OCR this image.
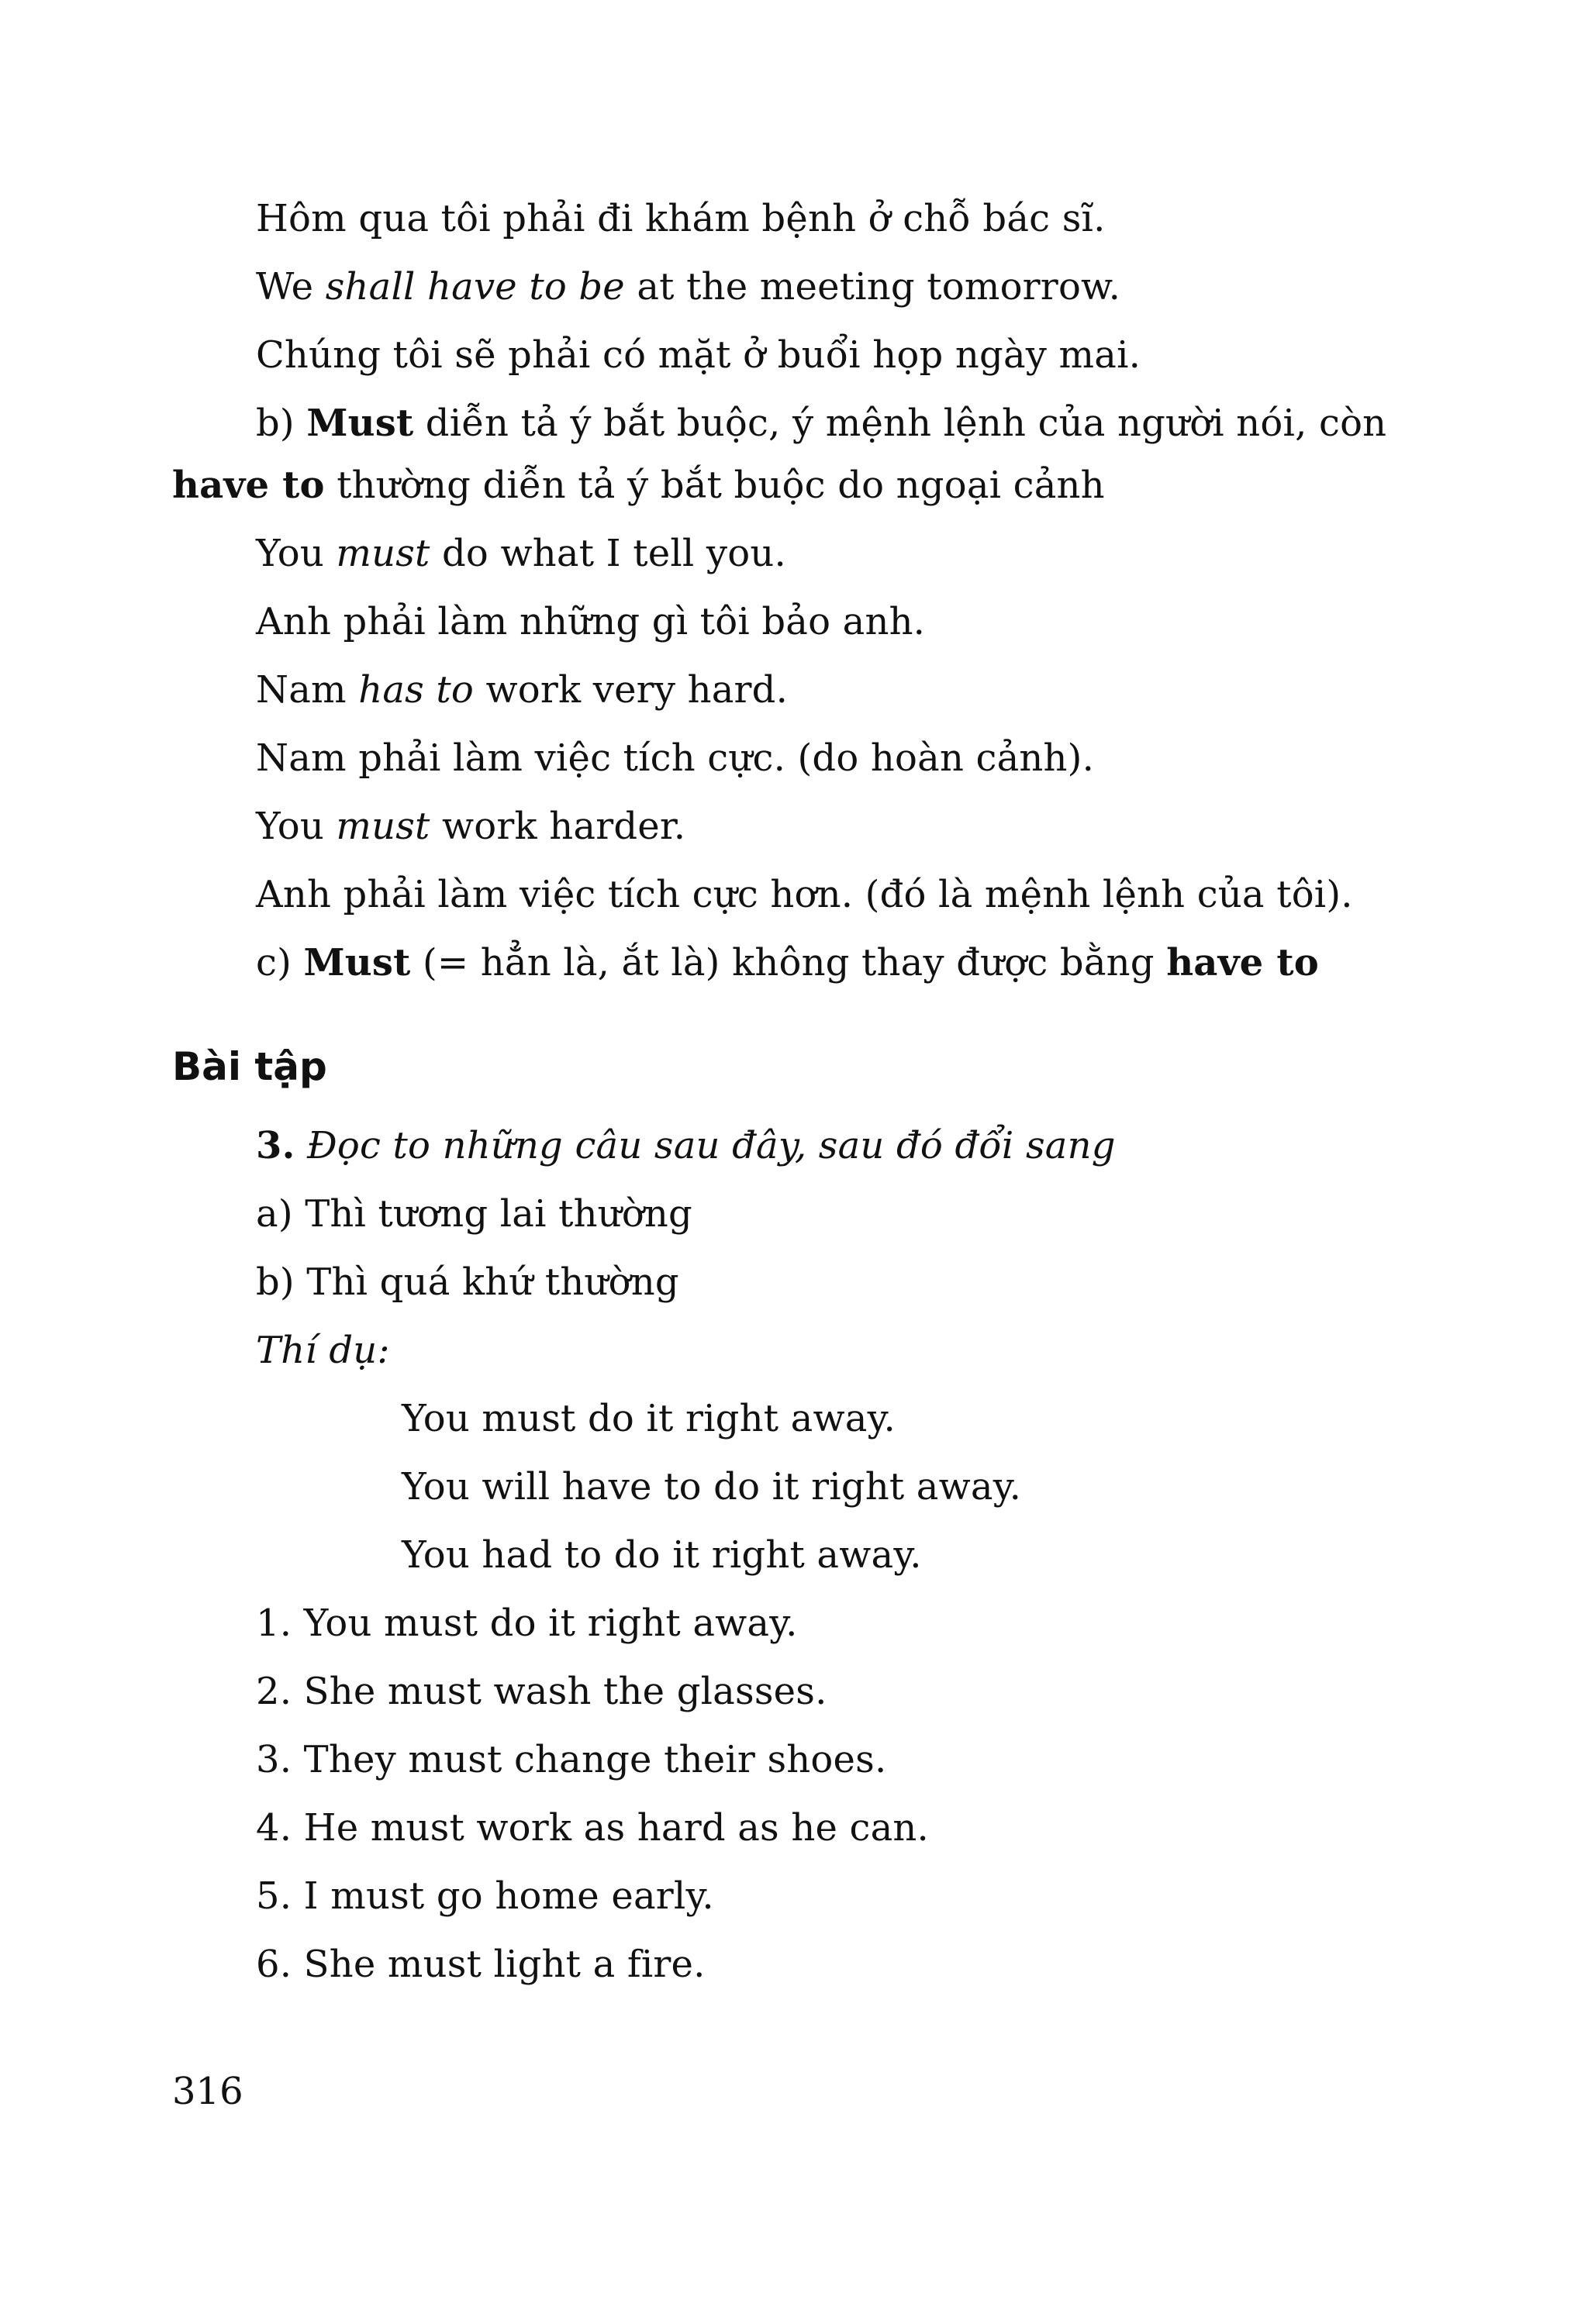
Hôm qua tôi phải đi khám bệnh ở chỗ bác sĩ.
We shall have to be at the meeting tomorrow.
Chúng tôi sẽ phải có mặt ở buổi họp ngày mai.
b) Must diễn tả ý bắt buộc, ý mệnh lệnh của người nói, còn
have to thường diễn tả ý bắt buộc do ngoại cảnh
You must do what I tell you.
Anh phải làm những gì tôi bảo anh.
Nam has to work very hard.
Nam phải làm việc tích cực. (do hoàn cảnh).
You must work harder.
Anh phải làm việc tích cực hơn. (đó là mệnh lệnh của tôi).
c) Must (= hẳn là, ắt là) không thay được bằng have to
Bài tập
3. Đọc to những câu sau đây, sau đó đổi sang
a) Thì tương lai thường
b) Thì quá khứ thường
Thí dụ:
You must do it right away.
You will have to do it right away.
You had to do it right away.
1. You must do it right away.
2. She must wash the glasses.
3. They must change their shoes.
4. He must work as hard as he can.
5. I must go home early.
6. She must light a fire.
316
